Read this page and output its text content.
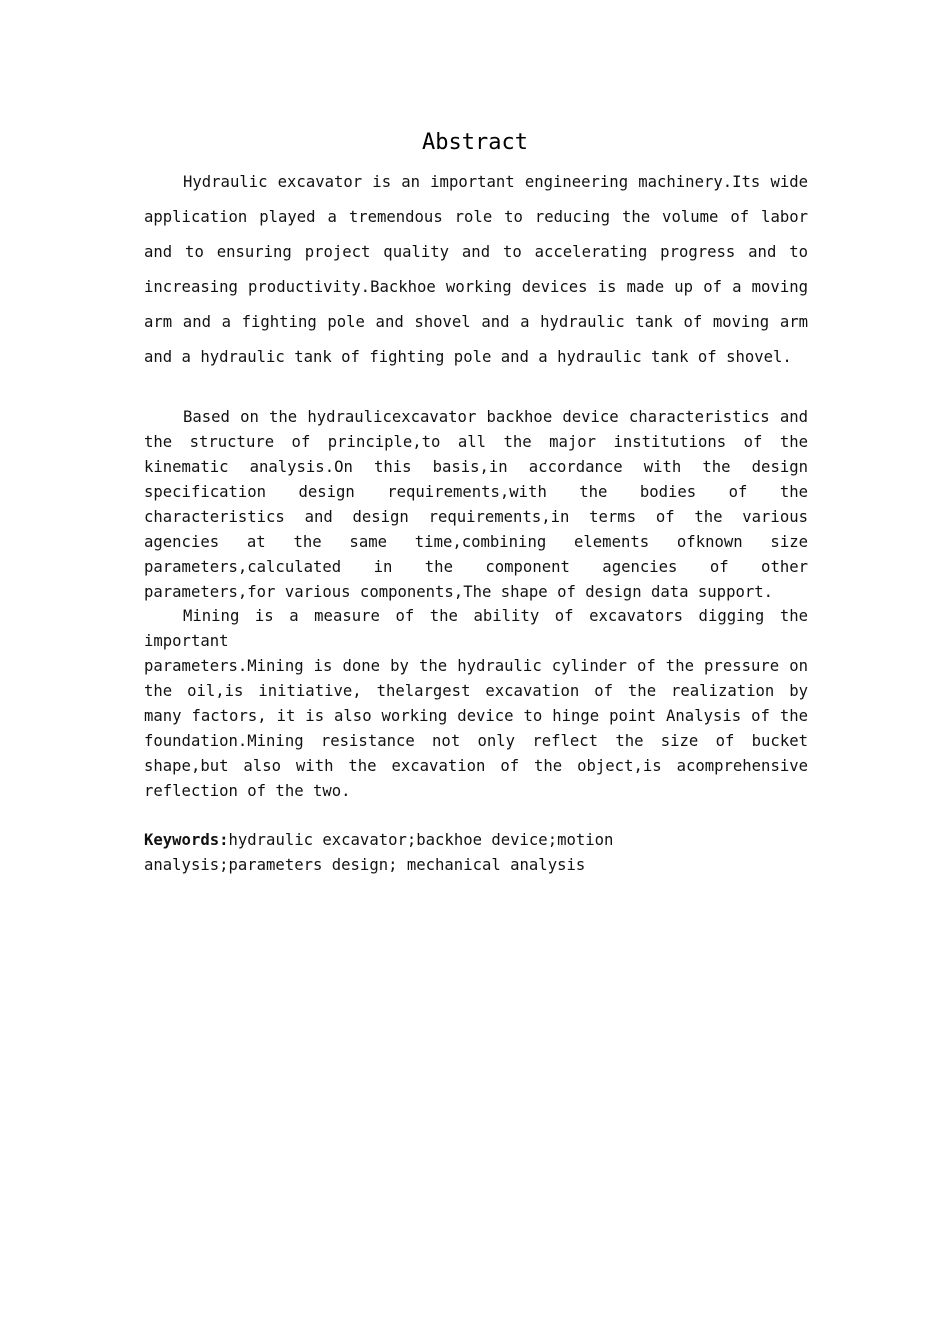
Abstract

Hydraulic excavator is an important engineering machinery.Its wide application played a tremendous role to reducing the volume of labor and to ensuring project quality and to accelerating progress and to increasing productivity.Backhoe working devices is made up of a moving arm and a fighting pole and shovel and a hydraulic tank of moving arm and a hydraulic tank of fighting pole and a hydraulic tank of shovel.

Based on the hydraulicexcavator backhoe device characteristics and the structure of principle,to all the major institutions of the kinematic analysis.On this basis,in accordance with the design specification design requirements,with the bodies of the characteristics and design requirements,in terms of the various agencies at the same time,combining elements ofknown size parameters,calculated in the component agencies of other parameters,for various components,The shape of design data support.

Mining is a measure of the ability of excavators digging the important
parameters.Mining is done by the hydraulic cylinder of the pressure on the oil,is initiative, thelargest excavation of the realization by many factors, it is also working device to hinge point Analysis of the foundation.Mining resistance not only reflect the size of bucket shape,but also with the excavation of the object,is acomprehensive reflection of the two.

Keywords:hydraulic excavator;backhoe device;motion analysis;parameters design; mechanical analysis
